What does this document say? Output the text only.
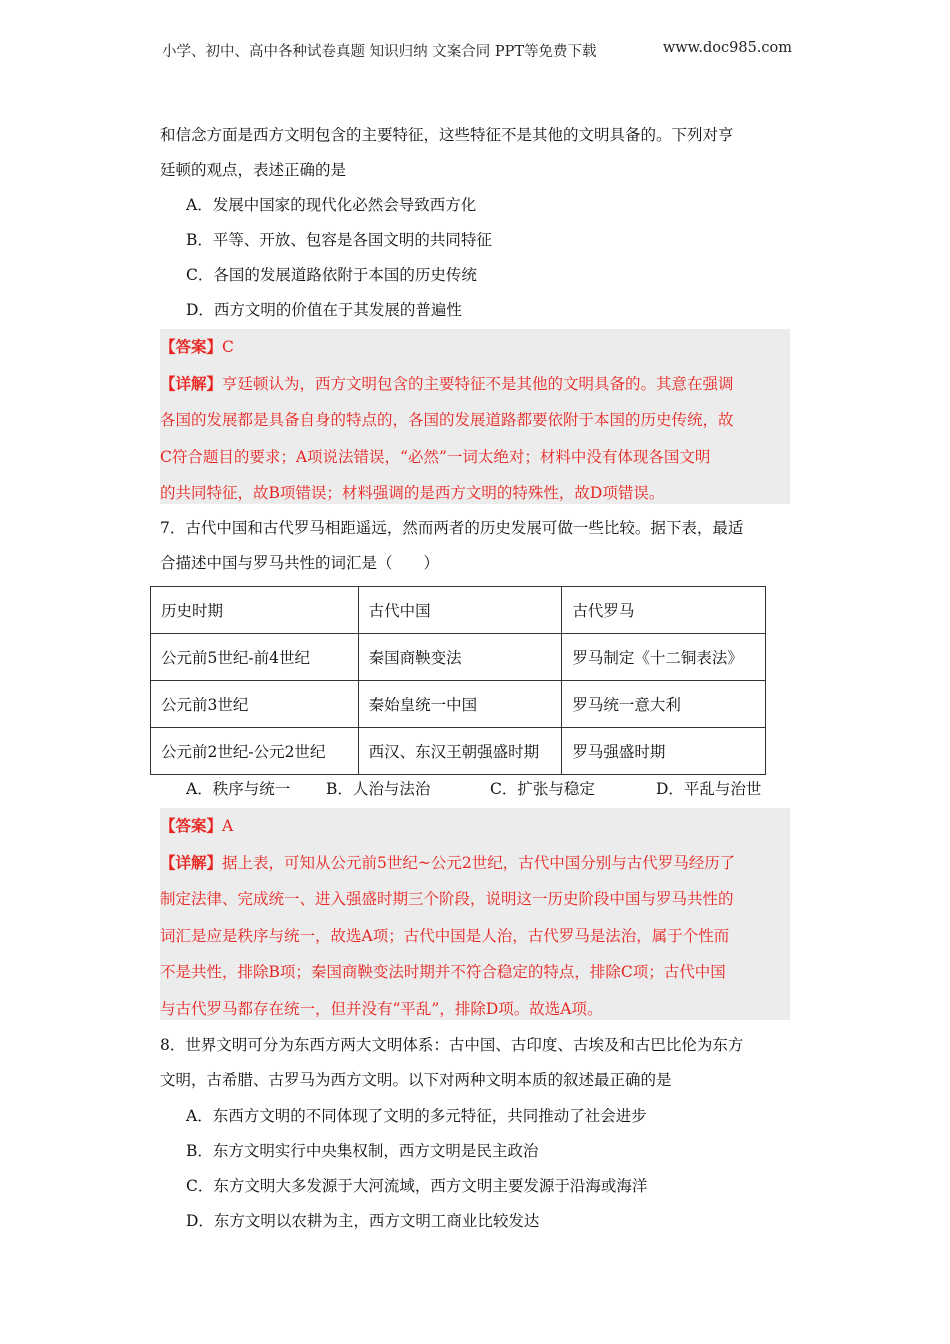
小学、初中、高中各种试卷真题 知识归纳 文案合同 PPT等免费下载	www.doc985.com
和信念方面是西方文明包含的主要特征，这些特征不是其他的文明具备的。下列对亨
廷顿的观点，表述正确的是
A．发展中国家的现代化必然会导致西方化
B．平等、开放、包容是各国文明的共同特征
C．各国的发展道路依附于本国的历史传统
D．西方文明的价值在于其发展的普遍性
【答案】C
【详解】亨廷顿认为，西方文明包含的主要特征不是其他的文明具备的。其意在强调
各国的发展都是具备自身的特点的，各国的发展道路都要依附于本国的历史传统，故
C符合题目的要求；A项说法错误，“必然”一词太绝对；材料中没有体现各国文明
的共同特征，故B项错误；材料强调的是西方文明的特殊性，故D项错误。
7．古代中国和古代罗马相距遥远，然而两者的历史发展可做一些比较。据下表，最适
合描述中国与罗马共性的词汇是（　　）
历史时期	古代中国	古代罗马
公元前5世纪-前4世纪	秦国商鞅变法	罗马制定《十二铜表法》
公元前3世纪	秦始皇统一中国	罗马统一意大利
公元前2世纪-公元2世纪	西汉、东汉王朝强盛时期	罗马强盛时期
A．秩序与统一 B．人治与法治	C．扩张与稳定	D．平乱与治世
【答案】A
【详解】据上表，可知从公元前5世纪~公元2世纪，古代中国分别与古代罗马经历了
制定法律、完成统一、进入强盛时期三个阶段，说明这一历史阶段中国与罗马共性的
词汇是应是秩序与统一，故选A项；古代中国是人治，古代罗马是法治，属于个性而
不是共性，排除B项；秦国商鞅变法时期并不符合稳定的特点，排除C项；古代中国
与古代罗马都存在统一，但并没有“平乱”，排除D项。故选A项。
8．世界文明可分为东西方两大文明体系：古中国、古印度、古埃及和古巴比伦为东方
文明，古希腊、古罗马为西方文明。以下对两种文明本质的叙述最正确的是
A．东西方文明的不同体现了文明的多元特征，共同推动了社会进步
B．东方文明实行中央集权制，西方文明是民主政治
C．东方文明大多发源于大河流域，西方文明主要发源于沿海或海洋
D．东方文明以农耕为主，西方文明工商业比较发达
